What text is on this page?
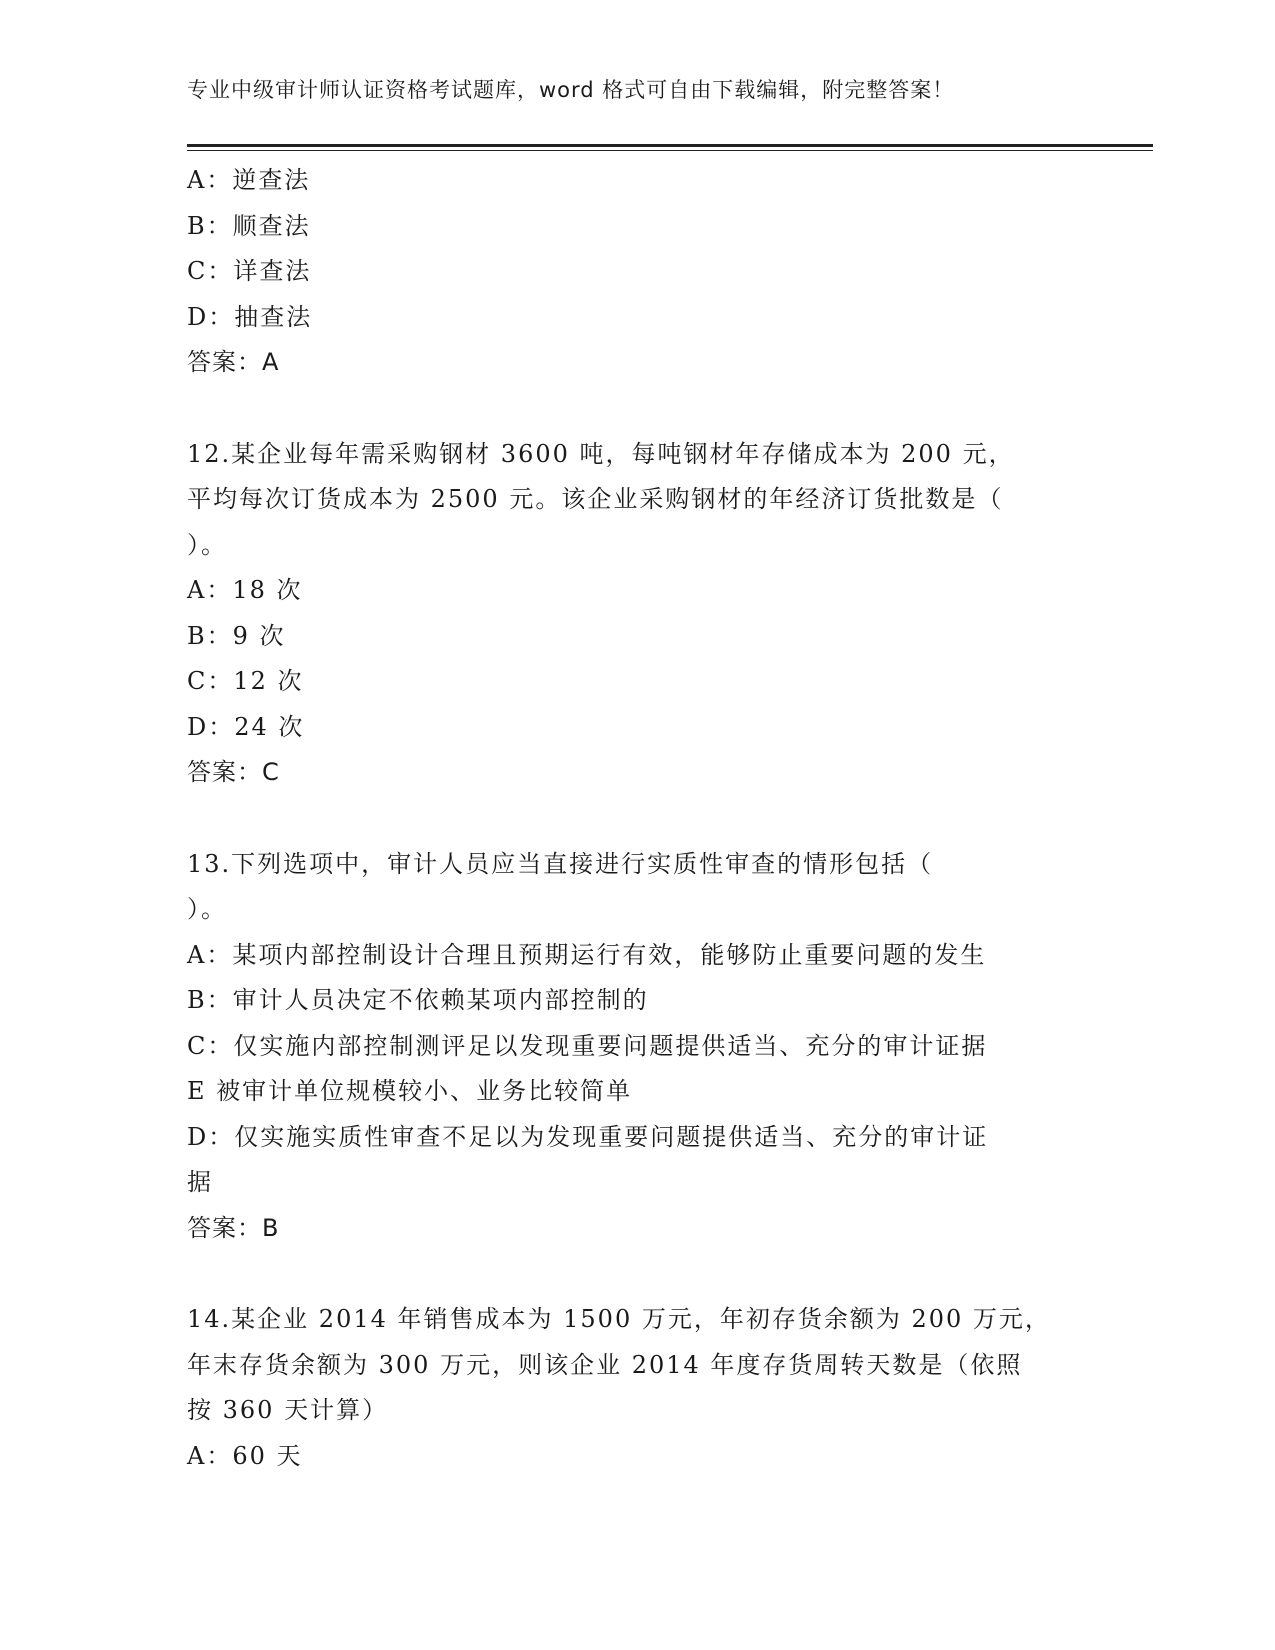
专业中级审计师认证资格考试题库，word 格式可自由下载编辑，附完整答案！
A：逆查法
B：顺查法
C：详查法
D：抽查法
答案：A
12.某企业每年需采购钢材 3600 吨，每吨钢材年存储成本为 200 元，
平均每次订货成本为 2500 元。该企业采购钢材的年经济订货批数是（
）。
A：18 次
B：9 次
C：12 次
D：24 次
答案：C
13.下列选项中，审计人员应当直接进行实质性审查的情形包括（
）。
A：某项内部控制设计合理且预期运行有效，能够防止重要问题的发生
B：审计人员决定不依赖某项内部控制的
C：仅实施内部控制测评足以发现重要问题提供适当、充分的审计证据
E 被审计单位规模较小、业务比较简单
D：仅实施实质性审查不足以为发现重要问题提供适当、充分的审计证
据
答案：B
14.某企业 2014 年销售成本为 1500 万元，年初存货余额为 200 万元，
年末存货余额为 300 万元，则该企业 2014 年度存货周转天数是（依照
按 360 天计算）
A：60 天
